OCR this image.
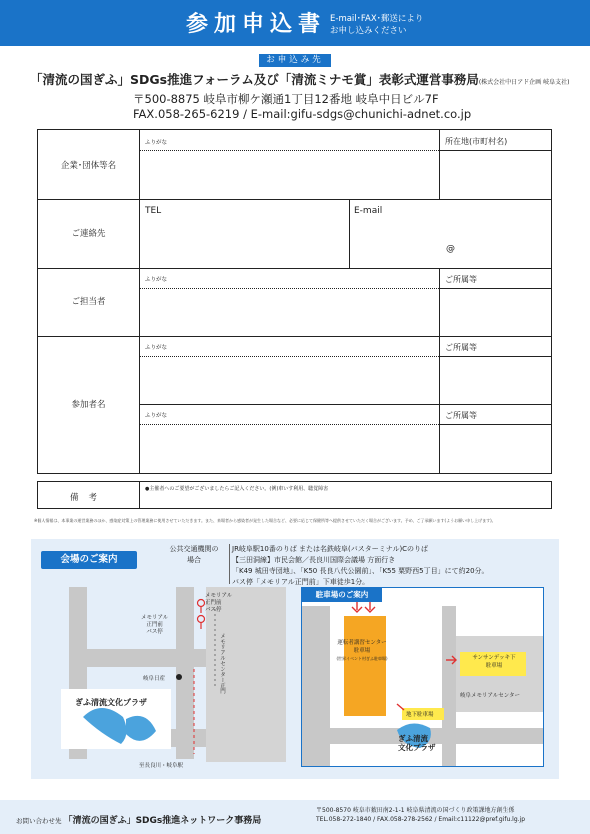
参加申込書 E-mail･FAX･郵送により
お申し込みください
お申込み先
「清流の国ぎふ」SDGs推進フォーラム及び「清流ミナモ賞」表彰式運営事務局(株式会社中日アド企画 岐阜支社)
〒500-8875 岐阜市柳ケ瀬通1丁目12番地 岐阜中日ビル7F
FAX.058-265-6219 / E-mail:gifu-sdgs@chunichi-adnet.co.jp
企業･団体等名
ふりがな	所在地(市町村名)
ご連絡先
TEL	E-mail
@
ご担当者
ふりがな	ご所属等
参加者名
ふりがな	ご所属等
ふりがな	ご所属等
備考
●主催者へのご要望がございましたらご記入ください。(例)車いす利用、聴覚障害
※個人情報は、本事業の運営業務のほか、感染症対策上の管理業務に使用させていただきます。また、来場者から感染者が発生した場合など、必要に応じて保健所等へ提供させていただく場合がございます。予め、ご了承願います(ようお願い申し上げます)。
会場のご案内
公共交通機関の
場合
JR岐阜駅10番のりば または名鉄岐阜(バスターミナル)Cのりば
【三田洞線】市民会館／長良川国際会議場 方面行き
「K49 城田寺団地」、「K50 長良八代公園前」、「K55 粟野西5丁目」にて約20分。
バス停「メモリアル正門前」下車徒歩1分。
メモリアル
正門前
バス停
メモリアル
正門前
バス停
メモリアルセンター正門
岐阜日産
ぎふ清流文化プラザ
至長良川・岐阜駅
駐車場のご案内
運転者講習センター
駐車場
(世界イベント村ぎふ駐車場)	サンサンデッキ下
駐車場
岐阜メモリアルセンター
地下駐車場
ぎふ清流
文化プラザ
お問い合わせ先 「清流の国ぎふ」SDGs推進ネットワーク事務局
〒500-8570 岐阜市薮田南2-1-1 岐阜県清流の国づくり政策課地方創生係
TEL.058-272-1840 / FAX.058-278-2562 / Email:c11122@pref.gifu.lg.jp
